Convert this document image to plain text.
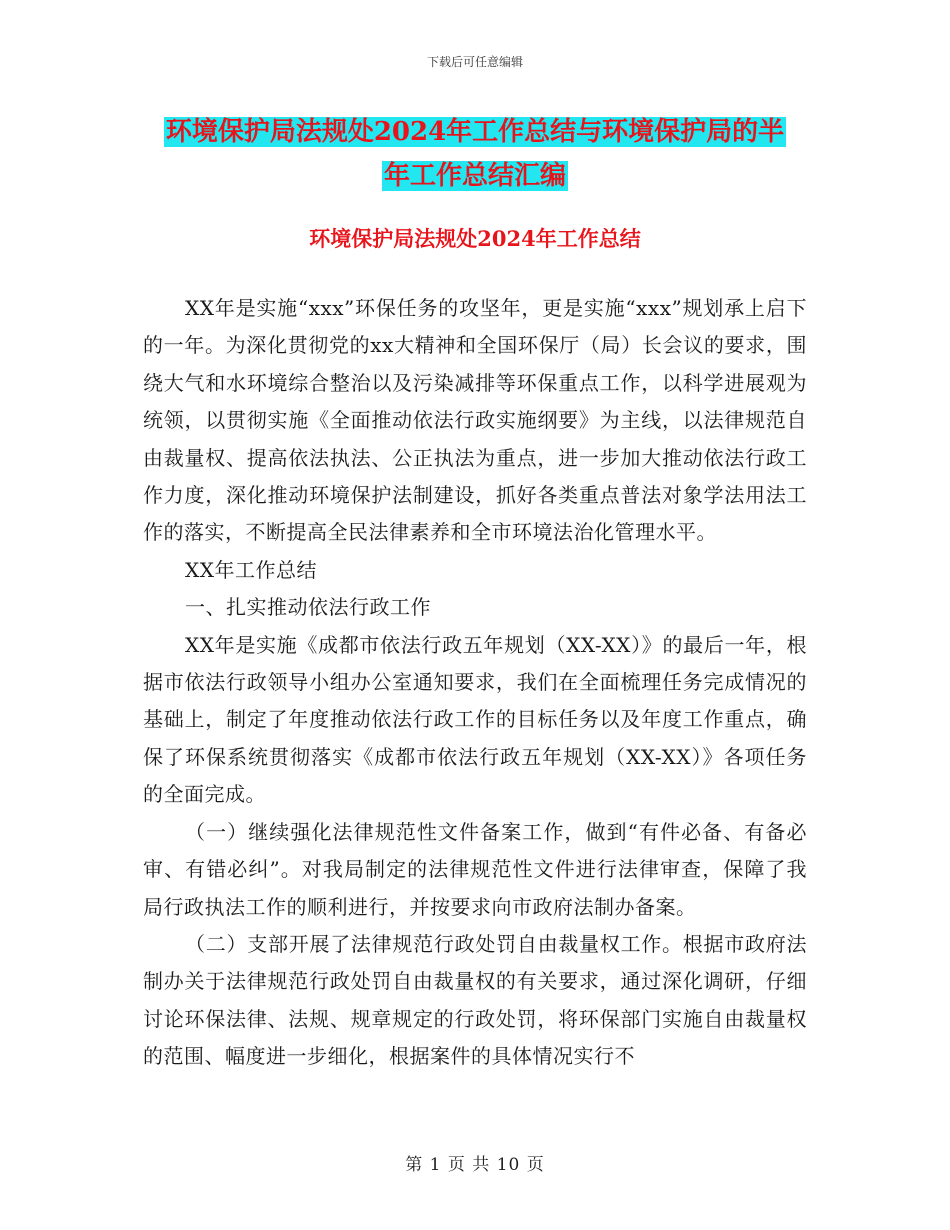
下载后可任意编辑
环境保护局法规处2024年工作总结与环境保护局的半
年工作总结汇编
环境保护局法规处2024年工作总结

XX年是实施“xxx”环保任务的攻坚年，更是实施“xxx”规划承上启下的一年。为深化贯彻党的xx大精神和全国环保厅（局）长会议的要求，围绕大气和水环境综合整治以及污染减排等环保重点工作，以科学进展观为统领，以贯彻实施《全面推动依法行政实施纲要》为主线，以法律规范自由裁量权、提高依法执法、公正执法为重点，进一步加大推动依法行政工作力度，深化推动环境保护法制建设，抓好各类重点普法对象学法用法工作的落实，不断提高全民法律素养和全市环境法治化管理水平。

XX年工作总结

一、扎实推动依法行政工作

XX年是实施《成都市依法行政五年规划（XX-XX）》的最后一年，根据市依法行政领导小组办公室通知要求，我们在全面梳理任务完成情况的基础上，制定了年度推动依法行政工作的目标任务以及年度工作重点，确保了环保系统贯彻落实《成都市依法行政五年规划（XX-XX）》各项任务的全面完成。

（一）继续强化法律规范性文件备案工作，做到“有件必备、有备必审、有错必纠”。对我局制定的法律规范性文件进行法律审查，保障了我局行政执法工作的顺利进行，并按要求向市政府法制办备案。

（二）支部开展了法律规范行政处罚自由裁量权工作。根据市政府法制办关于法律规范行政处罚自由裁量权的有关要求，通过深化调研，仔细讨论环保法律、法规、规章规定的行政处罚，将环保部门实施自由裁量权的范围、幅度进一步细化，根据案件的具体情况实行不

第 1 页 共 10 页
